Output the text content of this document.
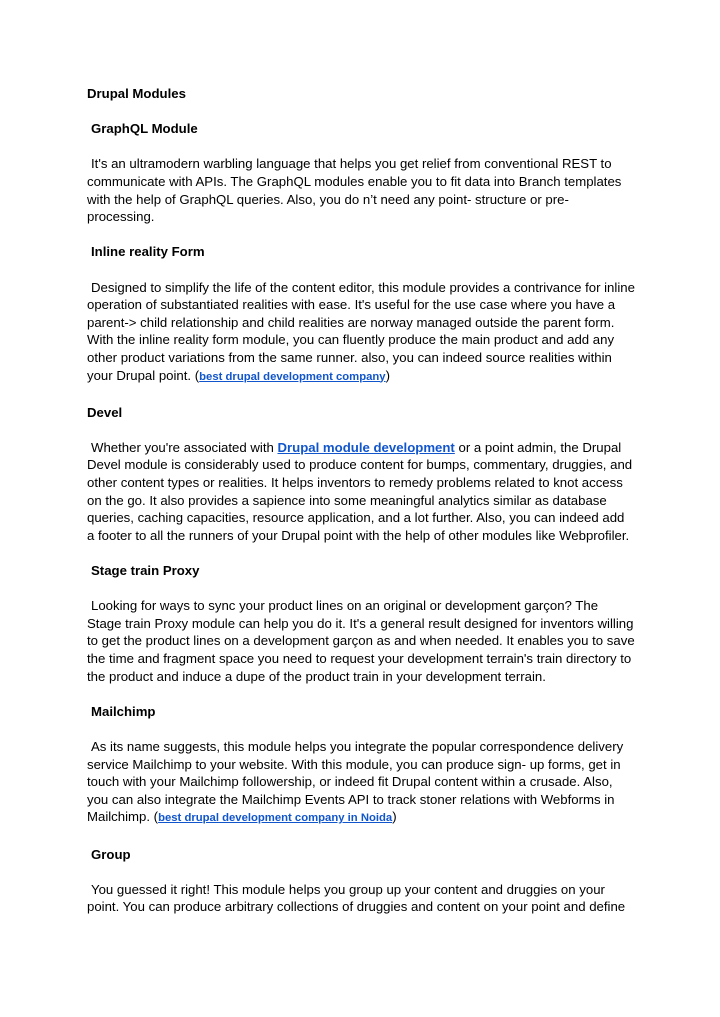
Drupal Modules

GraphQL Module

It's an ultramodern warbling language that helps you get relief from conventional REST to communicate with APIs. The GraphQL modules enable you to fit data into Branch templates with the help of GraphQL queries. Also, you do n’t need any point- structure or pre-processing.

Inline reality Form

Designed to simplify the life of the content editor, this module provides a contrivance for inline operation of substantiated realities with ease. It's useful for the use case where you have a parent-> child relationship and child realities are norway managed outside the parent form. With the inline reality form module, you can fluently produce the main product and add any other product variations from the same runner. also, you can indeed source realities within your Drupal point. (best drupal development company)

Devel

Whether you're associated with Drupal module development or a point admin, the Drupal Devel module is considerably used to produce content for bumps, commentary, druggies, and other content types or realities. It helps inventors to remedy problems related to knot access on the go. It also provides a sapience into some meaningful analytics similar as database queries, caching capacities, resource application, and a lot further. Also, you can indeed add a footer to all the runners of your Drupal point with the help of other modules like Webprofiler.

Stage train Proxy

Looking for ways to sync your product lines on an original or development garçon? The Stage train Proxy module can help you do it. It's a general result designed for inventors willing to get the product lines on a development garçon as and when needed. It enables you to save the time and fragment space you need to request your development terrain's train directory to the product and induce a dupe of the product train in your development terrain.

Mailchimp

As its name suggests, this module helps you integrate the popular correspondence delivery service Mailchimp to your website. With this module, you can produce sign- up forms, get in touch with your Mailchimp followership, or indeed fit Drupal content within a crusade. Also, you can also integrate the Mailchimp Events API to track stoner relations with Webforms in Mailchimp. (best drupal development company in Noida)

Group

You guessed it right! This module helps you group up your content and druggies on your point. You can produce arbitrary collections of druggies and content on your point and define
